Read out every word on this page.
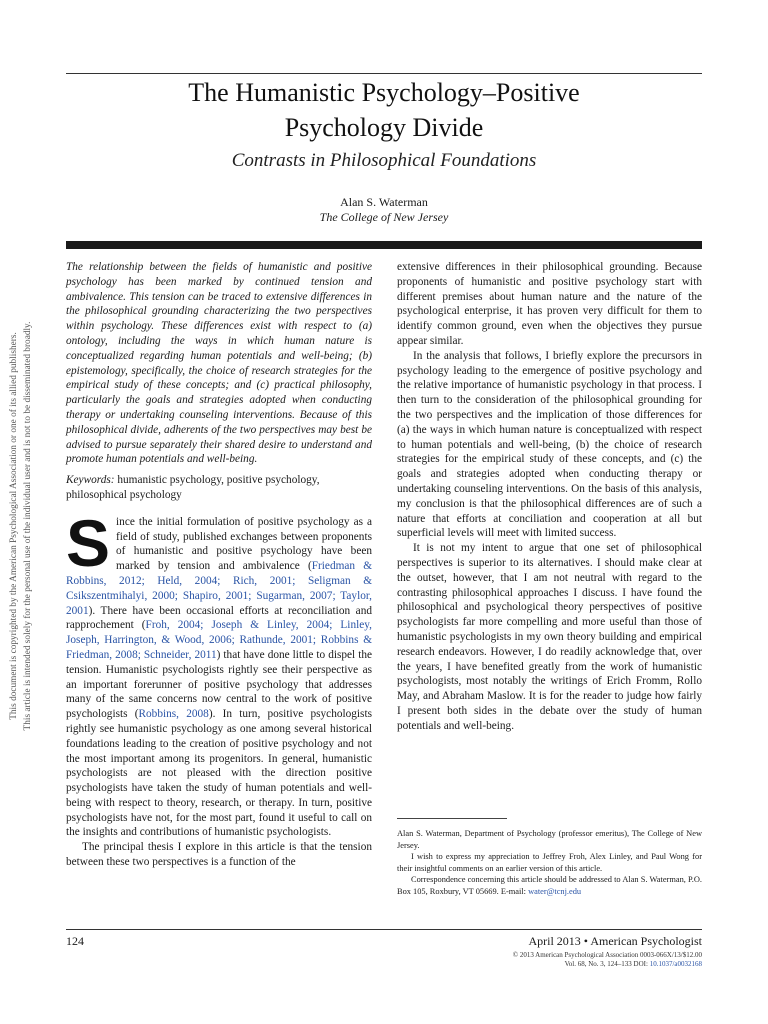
This document is copyrighted by the American Psychological Association or one of its allied publishers. This article is intended solely for the personal use of the individual user and is not to be disseminated broadly.
The Humanistic Psychology–Positive
Psychology Divide
Contrasts in Philosophical Foundations
Alan S. Waterman
The College of New Jersey

The relationship between the fields of humanistic and positive psychology has been marked by continued tension and ambivalence. This tension can be traced to extensive differences in the philosophical grounding characterizing the two perspectives within psychology. These differences exist with respect to (a) ontology, including the ways in which human nature is conceptualized regarding human potentials and well-being; (b) epistemology, specifically, the choice of research strategies for the empirical study of these concepts; and (c) practical philosophy, particularly the goals and strategies adopted when conducting therapy or undertaking counseling interventions. Because of this philosophical divide, adherents of the two perspectives may best be advised to pursue separately their shared desire to understand and promote human potentials and well-being.

Keywords: humanistic psychology, positive psychology, philosophical psychology

Since the initial formulation of positive psychology as a field of study, published exchanges between proponents of humanistic and positive psychology have been marked by tension and ambivalence (Friedman & Robbins, 2012; Held, 2004; Rich, 2001; Seligman & Csikszentmihalyi, 2000; Shapiro, 2001; Sugarman, 2007; Taylor, 2001). There have been occasional efforts at reconciliation and rapprochement (Froh, 2004; Joseph & Linley, 2004; Linley, Joseph, Harrington, & Wood, 2006; Rathunde, 2001; Robbins & Friedman, 2008; Schneider, 2011) that have done little to dispel the tension. Humanistic psychologists rightly see their perspective as an important forerunner of positive psychology that addresses many of the same concerns now central to the work of positive psychologists (Robbins, 2008). In turn, positive psychologists rightly see humanistic psychology as one among several historical foundations leading to the creation of positive psychology and not the most important among its progenitors. In general, humanistic psychologists are not pleased with the direction positive psychologists have taken the study of human potentials and well-being with respect to theory, research, or therapy. In turn, positive psychologists have not, for the most part, found it useful to call on the insights and contributions of humanistic psychologists.

The principal thesis I explore in this article is that the tension between these two perspectives is a function of the

extensive differences in their philosophical grounding. Because proponents of humanistic and positive psychology start with different premises about human nature and the nature of the psychological enterprise, it has proven very difficult for them to identify common ground, even when the objectives they pursue appear similar.

In the analysis that follows, I briefly explore the precursors in psychology leading to the emergence of positive psychology and the relative importance of humanistic psychology in that process. I then turn to the consideration of the philosophical grounding for the two perspectives and the implication of those differences for (a) the ways in which human nature is conceptualized with respect to human potentials and well-being, (b) the choice of research strategies for the empirical study of these concepts, and (c) the goals and strategies adopted when conducting therapy or undertaking counseling interventions. On the basis of this analysis, my conclusion is that the philosophical differences are of such a nature that efforts at conciliation and cooperation at all but superficial levels will meet with limited success.

It is not my intent to argue that one set of philosophical perspectives is superior to its alternatives. I should make clear at the outset, however, that I am not neutral with regard to the contrasting philosophical approaches I discuss. I have found the philosophical and psychological theory perspectives of positive psychologists far more compelling and more useful than those of humanistic psychologists in my own theory building and empirical research endeavors. However, I do readily acknowledge that, over the years, I have benefited greatly from the work of humanistic psychologists, most notably the writings of Erich Fromm, Rollo May, and Abraham Maslow. It is for the reader to judge how fairly I present both sides in the debate over the study of human potentials and well-being.

Alan S. Waterman, Department of Psychology (professor emeritus), The College of New Jersey.

I wish to express my appreciation to Jeffrey Froh, Alex Linley, and Paul Wong for their insightful comments on an earlier version of this article.

Correspondence concerning this article should be addressed to Alan S. Waterman, P.O. Box 105, Roxbury, VT 05669. E-mail: water@tcnj.edu

124	April 2013 • American Psychologist
© 2013 American Psychological Association 0003-066X/13/$12.00
Vol. 68, No. 3, 124–133 DOI: 10.1037/a0032168
